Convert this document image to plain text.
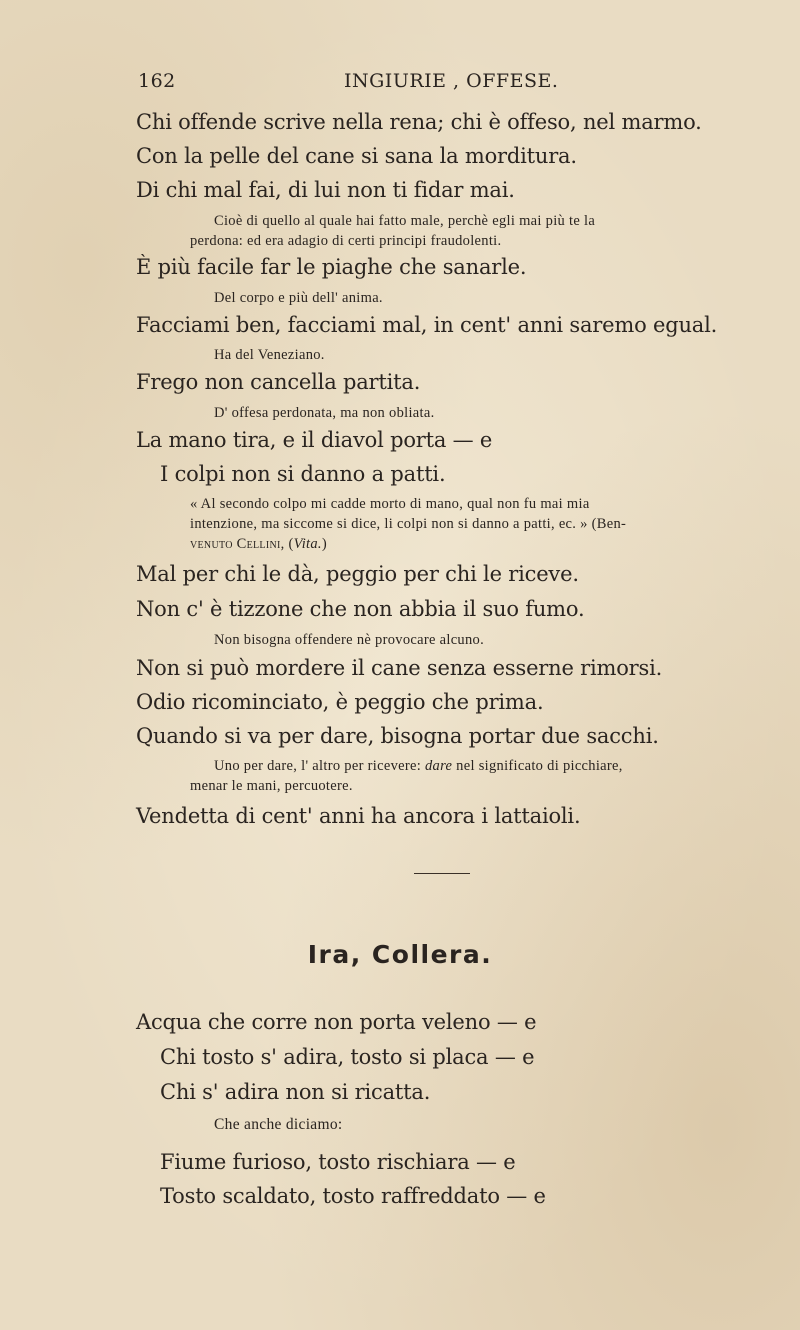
162	INGIURIE , OFFESE.
Chi offende scrive nella rena; chi è offeso, nel marmo.
Con la pelle del cane si sana la morditura.
Di chi mal fai, di lui non ti fidar mai.
Cioè di quello al quale hai fatto male, perchè egli mai più te la
perdona: ed era adagio di certi principi fraudolenti.
È più facile far le piaghe che sanarle.
Del corpo e più dell' anima.
Facciami ben, facciami mal, in cent' anni saremo egual.
Ha del Veneziano.
Frego non cancella partita.
D' offesa perdonata, ma non obliata.
La mano tira, e il diavol porta — e
I colpi non si danno a patti.
« Al secondo colpo mi cadde morto di mano, qual non fu mai mia
intenzione, ma siccome si dice, li colpi non si danno a patti, ec. » (Ben-
venuto Cellini, (Vita.)
Mal per chi le dà, peggio per chi le riceve.
Non c' è tizzone che non abbia il suo fumo.
Non bisogna offendere nè provocare alcuno.
Non si può mordere il cane senza esserne rimorsi.
Odio ricominciato, è peggio che prima.
Quando si va per dare, bisogna portar due sacchi.
Uno per dare, l' altro per ricevere: dare nel significato di picchiare,
menar le mani, percuotere.
Vendetta di cent' anni ha ancora i lattaioli.
Ira, Collera.
Acqua che corre non porta veleno — e
Chi tosto s' adira, tosto si placa — e
Chi s' adira non si ricatta.
Che anche diciamo:
Fiume furioso, tosto rischiara — e
Tosto scaldato, tosto raffreddato — e
